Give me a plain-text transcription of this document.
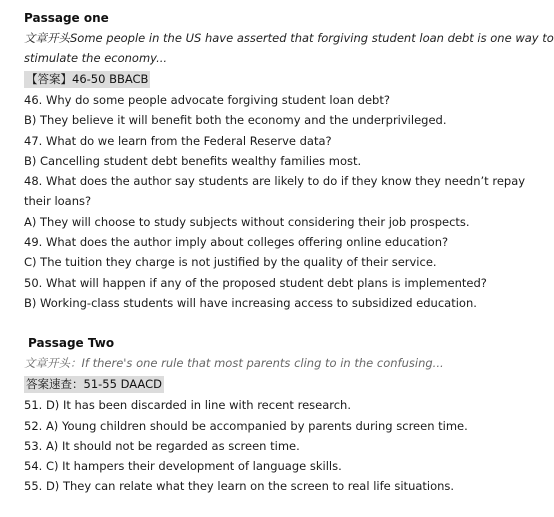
Passage one
文章开头Some people in the US have asserted that forgiving student loan debt is one way to
stimulate the economy...
【答案】46-50 BBACB
46. Why do some people advocate forgiving student loan debt?
B) They believe it will benefit both the economy and the underprivileged.
47. What do we learn from the Federal Reserve data?
B) Cancelling student debt benefits wealthy families most.
48. What does the author say students are likely to do if they know they needn’t repay
their loans?
A) They will choose to study subjects without considering their job prospects.
49. What does the author imply about colleges offering online education?
C) The tuition they charge is not justified by the quality of their service.
50. What will happen if any of the proposed student debt plans is implemented?
B) Working-class students will have increasing access to subsidized education.
Passage Two
文章开头：If there's one rule that most parents cling to in the confusing...
答案速查：51-55 DAACD
51. D) It has been discarded in line with recent research.
52. A) Young children should be accompanied by parents during screen time.
53. A) It should not be regarded as screen time.
54. C) It hampers their development of language skills.
55. D) They can relate what they learn on the screen to real life situations.
